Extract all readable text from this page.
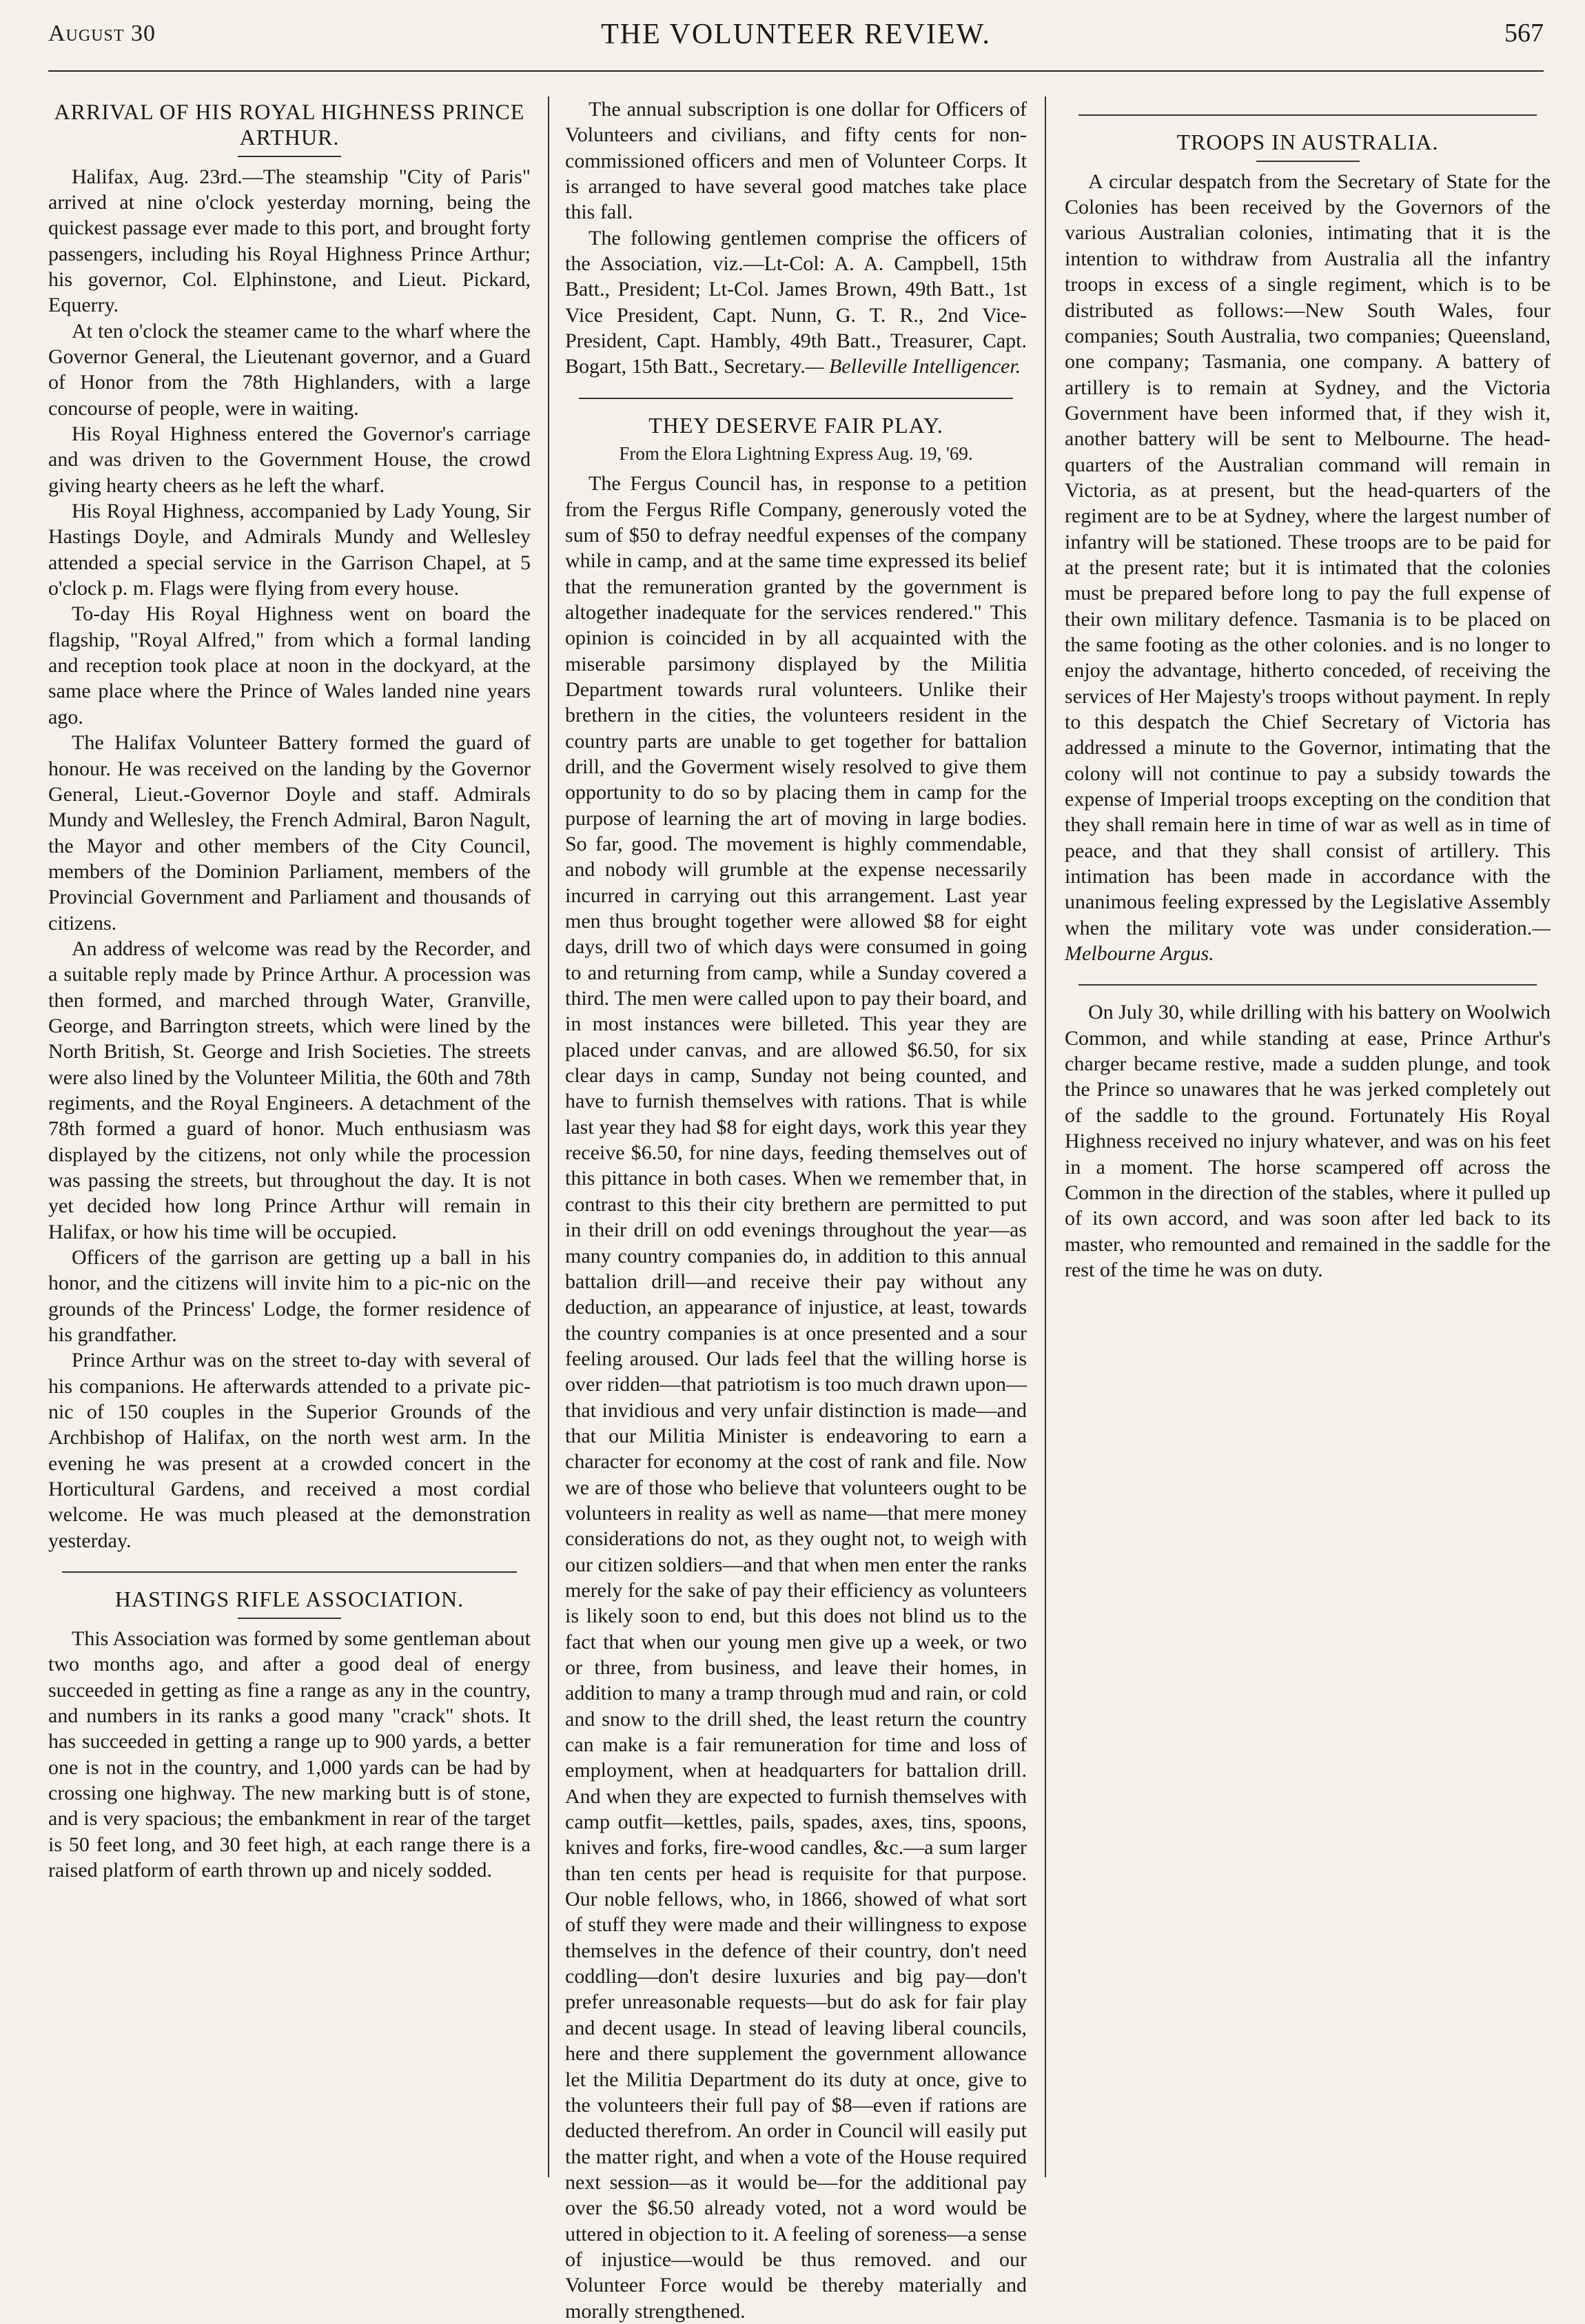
August 30	THE VOLUNTEER REVIEW.	567
ARRIVAL OF HIS ROYAL HIGHNESS PRINCE ARTHUR.

Halifax, Aug. 23rd.—The steamship "City of Paris" arrived at nine o'clock yesterday morning, being the quickest passage ever made to this port, and brought forty passengers, including his Royal Highness Prince Arthur; his governor, Col. Elphinstone, and Lieut. Pickard, Equerry.

At ten o'clock the steamer came to the wharf where the Governor General, the Lieutenant governor, and a Guard of Honor from the 78th Highlanders, with a large concourse of people, were in waiting.

His Royal Highness entered the Governor's carriage and was driven to the Government House, the crowd giving hearty cheers as he left the wharf.

His Royal Highness, accompanied by Lady Young, Sir Hastings Doyle, and Admirals Mundy and Wellesley attended a special service in the Garrison Chapel, at 5 o'clock p. m. Flags were flying from every house.

To-day His Royal Highness went on board the flagship, "Royal Alfred," from which a formal landing and reception took place at noon in the dockyard, at the same place where the Prince of Wales landed nine years ago.

The Halifax Volunteer Battery formed the guard of honour. He was received on the landing by the Governor General, Lieut.-Governor Doyle and staff. Admirals Mundy and Wellesley, the French Admiral, Baron Nagult, the Mayor and other members of the City Council, members of the Dominion Parliament, members of the Provincial Government and Parliament and thousands of citizens.

An address of welcome was read by the Recorder, and a suitable reply made by Prince Arthur. A procession was then formed, and marched through Water, Granville, George, and Barrington streets, which were lined by the North British, St. George and Irish Societies. The streets were also lined by the Volunteer Militia, the 60th and 78th regiments, and the Royal Engineers. A detachment of the 78th formed a guard of honor. Much enthusiasm was displayed by the citizens, not only while the procession was passing the streets, but throughout the day. It is not yet decided how long Prince Arthur will remain in Halifax, or how his time will be occupied.

Officers of the garrison are getting up a ball in his honor, and the citizens will invite him to a pic-nic on the grounds of the Princess' Lodge, the former residence of his grandfather.

Prince Arthur was on the street to-day with several of his companions. He afterwards attended to a private pic-nic of 150 couples in the Superior Grounds of the Archbishop of Halifax, on the north west arm. In the evening he was present at a crowded concert in the Horticultural Gardens, and received a most cordial welcome. He was much pleased at the demonstration yesterday.

HASTINGS RIFLE ASSOCIATION.

This Association was formed by some gentleman about two months ago, and after a good deal of energy succeeded in getting as fine a range as any in the country, and numbers in its ranks a good many "crack" shots. It has succeeded in getting a range up to 900 yards, a better one is not in the country, and 1,000 yards can be had by crossing one highway. The new marking butt is of stone, and is very spacious; the embankment in rear of the target is 50 feet long, and 30 feet high, at each range there is a raised platform of earth thrown up and nicely sodded.

The annual subscription is one dollar for Officers of Volunteers and civilians, and fifty cents for non-commissioned officers and men of Volunteer Corps. It is arranged to have several good matches take place this fall.

The following gentlemen comprise the officers of the Association, viz.—Lt-Col: A. A. Campbell, 15th Batt., President; Lt-Col. James Brown, 49th Batt., 1st Vice President, Capt. Nunn, G. T. R., 2nd Vice-President, Capt. Hambly, 49th Batt., Treasurer, Capt. Bogart, 15th Batt., Secretary.— Belleville Intelligencer.

THEY DESERVE FAIR PLAY.
From the Elora Lightning Express Aug. 19, '69.

The Fergus Council has, in response to a petition from the Fergus Rifle Company, generously voted the sum of $50 to defray needful expenses of the company while in camp, and at the same time expressed its belief that the remuneration granted by the government is altogether inadequate for the services rendered." This opinion is coincided in by all acquainted with the miserable parsimony displayed by the Militia Department towards rural volunteers. Unlike their brethern in the cities, the volunteers resident in the country parts are unable to get together for battalion drill, and the Goverment wisely resolved to give them opportunity to do so by placing them in camp for the purpose of learning the art of moving in large bodies. So far, good. The movement is highly commendable, and nobody will grumble at the expense necessarily incurred in carrying out this arrangement. Last year men thus brought together were allowed $8 for eight days, drill two of which days were consumed in going to and returning from camp, while a Sunday covered a third. The men were called upon to pay their board, and in most instances were billeted. This year they are placed under canvas, and are allowed $6.50, for six clear days in camp, Sunday not being counted, and have to furnish themselves with rations. That is while last year they had $8 for eight days, work this year they receive $6.50, for nine days, feeding themselves out of this pittance in both cases. When we remember that, in contrast to this their city brethern are permitted to put in their drill on odd evenings throughout the year—as many country companies do, in addition to this annual battalion drill—and receive their pay without any deduction, an appearance of injustice, at least, towards the country companies is at once presented and a sour feeling aroused. Our lads feel that the willing horse is over ridden—that patriotism is too much drawn upon—that invidious and very unfair distinction is made—and that our Militia Minister is endeavoring to earn a character for economy at the cost of rank and file. Now we are of those who believe that volunteers ought to be volunteers in reality as well as name—that mere money considerations do not, as they ought not, to weigh with our citizen soldiers—and that when men enter the ranks merely for the sake of pay their efficiency as volunteers is likely soon to end, but this does not blind us to the fact that when our young men give up a week, or two or three, from business, and leave their homes, in addition to many a tramp through mud and rain, or cold and snow to the drill shed, the least return the country can make is a fair remuneration for time and loss of employment, when at headquarters for battalion drill. And when they are expected to furnish themselves with camp outfit—kettles, pails, spades, axes, tins, spoons, knives and forks, fire-wood candles, &c.—a sum larger than ten cents per head is requisite for that purpose. Our noble fellows, who, in 1866, showed of what sort of stuff they were made and their willingness to expose themselves in the defence of their country, don't need coddling—don't desire luxuries and big pay—don't prefer unreasonable requests—but do ask for fair play and decent usage. In stead of leaving liberal councils, here and there supplement the government allowance let the Militia Department do its duty at once, give to the volunteers their full pay of $8—even if rations are deducted therefrom. An order in Council will easily put the matter right, and when a vote of the House required next session—as it would be—for the additional pay over the $6.50 already voted, not a word would be uttered in objection to it. A feeling of soreness—a sense of injustice—would be thus removed. and our Volunteer Force would be thereby materially and morally strengthened.

TROOPS IN AUSTRALIA.

A circular despatch from the Secretary of State for the Colonies has been received by the Governors of the various Australian colonies, intimating that it is the intention to withdraw from Australia all the infantry troops in excess of a single regiment, which is to be distributed as follows:—New South Wales, four companies; South Australia, two companies; Queensland, one company; Tasmania, one company. A battery of artillery is to remain at Sydney, and the Victoria Government have been informed that, if they wish it, another battery will be sent to Melbourne. The head-quarters of the Australian command will remain in Victoria, as at present, but the head-quarters of the regiment are to be at Sydney, where the largest number of infantry will be stationed. These troops are to be paid for at the present rate; but it is intimated that the colonies must be prepared before long to pay the full expense of their own military defence. Tasmania is to be placed on the same footing as the other colonies. and is no longer to enjoy the advantage, hitherto conceded, of receiving the services of Her Majesty's troops without payment. In reply to this despatch the Chief Secretary of Victoria has addressed a minute to the Governor, intimating that the colony will not continue to pay a subsidy towards the expense of Imperial troops excepting on the condition that they shall remain here in time of war as well as in time of peace, and that they shall consist of artillery. This intimation has been made in accordance with the unanimous feeling expressed by the Legislative Assembly when the military vote was under consideration.—Melbourne Argus.

On July 30, while drilling with his battery on Woolwich Common, and while standing at ease, Prince Arthur's charger became restive, made a sudden plunge, and took the Prince so unawares that he was jerked completely out of the saddle to the ground. Fortunately His Royal Highness received no injury whatever, and was on his feet in a moment. The horse scampered off across the Common in the direction of the stables, where it pulled up of its own accord, and was soon after led back to its master, who remounted and remained in the saddle for the rest of the time he was on duty.
